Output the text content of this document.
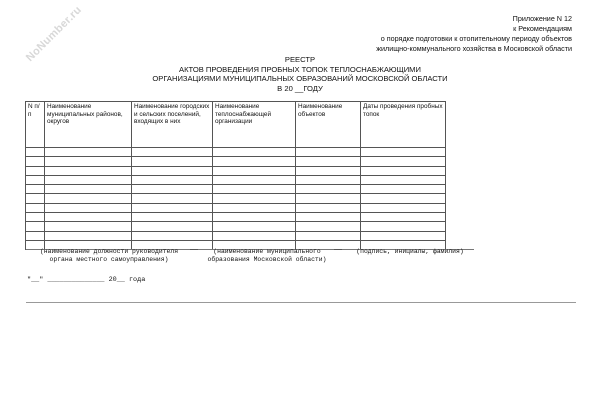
NoNumber.ru	Приложение N 12
к Рекомендациям
о порядке подготовки к отопительному периоду объектов
жилищно-коммунального хозяйства в Московской области
РЕЕСТР
АКТОВ ПРОВЕДЕНИЯ ПРОБНЫХ ТОПОК ТЕПЛОСНАБЖАЮЩИМИ
ОРГАНИЗАЦИЯМИ МУНИЦИПАЛЬНЫХ ОБРАЗОВАНИЙ МОСКОВСКОЙ ОБЛАСТИ
В 20 __ГОДУ
N п/п	Наименование муниципальных районов, округов	Наименование городских и сельских поселений, входящих в них	Наименование теплоснабжающей организации	Наименование объектов	Даты проведения пробных топок

(наименование должности руководителя
органа местного самоуправления)
(наименование муниципального
образования Московской области)
(подпись, инициалы, фамилия)
"__" ______________ 20__ года
